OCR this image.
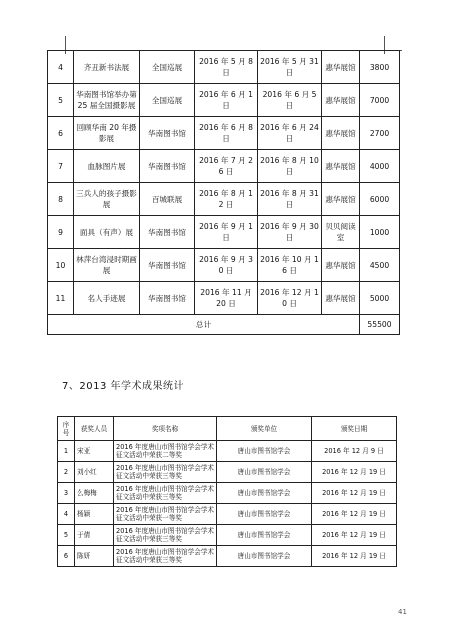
4	齐丑新书法展	全国巡展	2016 年 5 月 8 日	2016 年 5 月 31 日	惠华展馆	3800
5	华南图书馆举办第 25 届全国摄影展	全国巡展	2016 年 6 月 1 日	2016 年 6 月 5 日	惠华展馆	7000
6	回顾华南 20 年摄影展	华南图书馆	2016 年 6 月 8 日	2016 年 6 月 24 日	惠华展馆	2700
7	血脉图片展	华南图书馆	2016 年 7 月 26 日	2016 年 8 月 10 日	惠华展馆	4000
8	三兵人的孩子摄影展	百城联展	2016 年 8 月 12 日	2016 年 8 月 31 日	惠华展馆	6000
9	面具（有声）展	华南图书馆	2016 年 9 月 1 日	2016 年 9 月 30 日	贝贝阅读室	1000
10	林萍台湾浸时期画展	华南图书馆	2016 年 9 月 30 日	2016 年 10 月 16 日	惠华展馆	4500
11	名人手迹展	华南图书馆	2016 年 11 月 20 日	2016 年 12 月 10 日	惠华展馆	5000
总计						55500
7、2013 年学术成果统计
序号	获奖人员	奖项名称	颁奖单位	颁奖日期
1	宋亚	2016 年度唐山市图书馆学会学术征文活动中荣获二等奖	唐山市图书馆学会	2016 年 12 月 9 日
2	刘小红	2016 年度唐山市图书馆学会学术征文活动中荣获三等奖	唐山市图书馆学会	2016 年 12 月 19 日
3	么梅梅	2016 年度唐山市图书馆学会学术征文活动中荣获三等奖	唐山市图书馆学会	2016 年 12 月 19 日
4	杨颖	2016 年度唐山市图书馆学会学术征文活动中荣获一等奖	唐山市图书馆学会	2016 年 12 月 19 日
5	于倩	2016 年度唐山市图书馆学会学术征文活动中荣获三等奖	唐山市图书馆学会	2016 年 12 月 19 日
6	陈妍	2016 年度唐山市图书馆学会学术征文活动中荣获三等奖	唐山市图书馆学会	2016 年 12 月 19 日
41
